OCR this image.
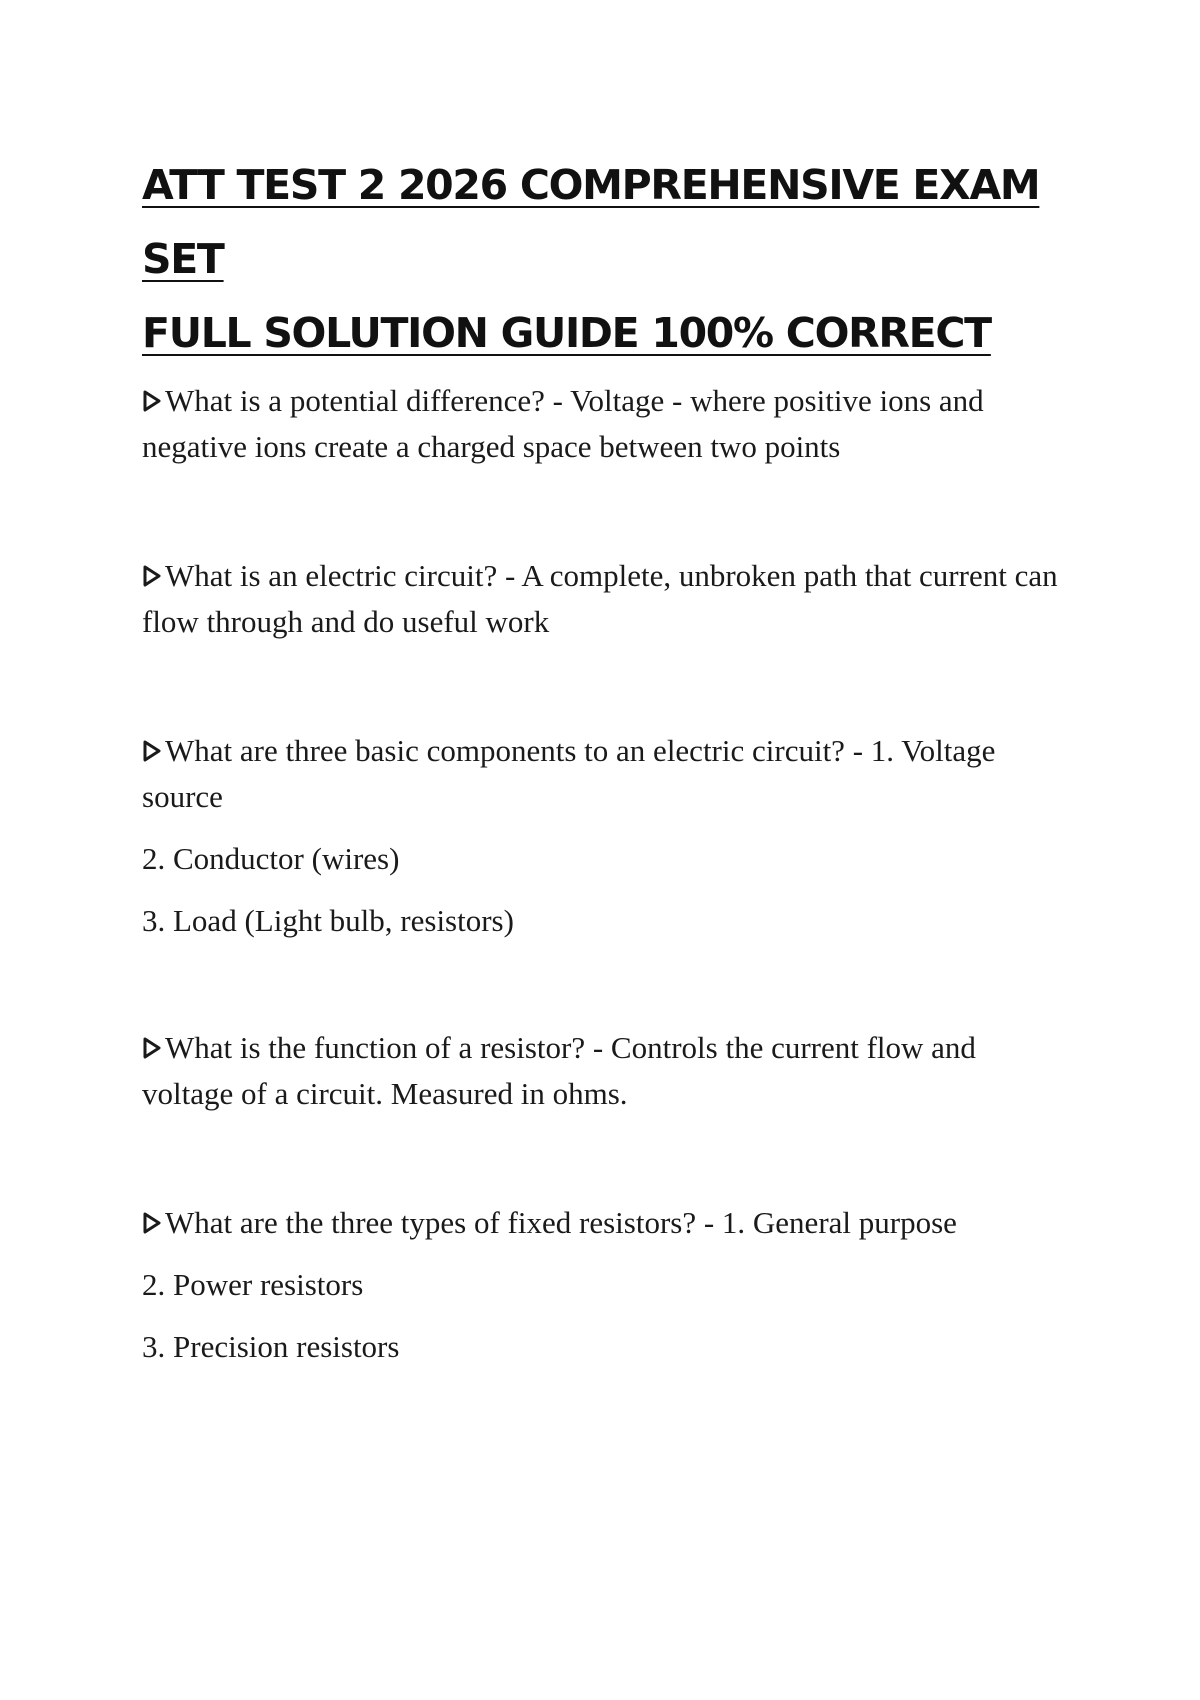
ATT TEST 2 2026 COMPREHENSIVE EXAM SET
FULL SOLUTION GUIDE 100% CORRECT

What is a potential difference? - Voltage - where positive ions and negative ions create a charged space between two points

What is an electric circuit? - A complete, unbroken path that current can flow through and do useful work

What are three basic components to an electric circuit? - 1. Voltage source

2. Conductor (wires)

3. Load (Light bulb, resistors)

What is the function of a resistor? - Controls the current flow and voltage of a circuit. Measured in ohms.

What are the three types of fixed resistors? - 1. General purpose

2. Power resistors

3. Precision resistors
